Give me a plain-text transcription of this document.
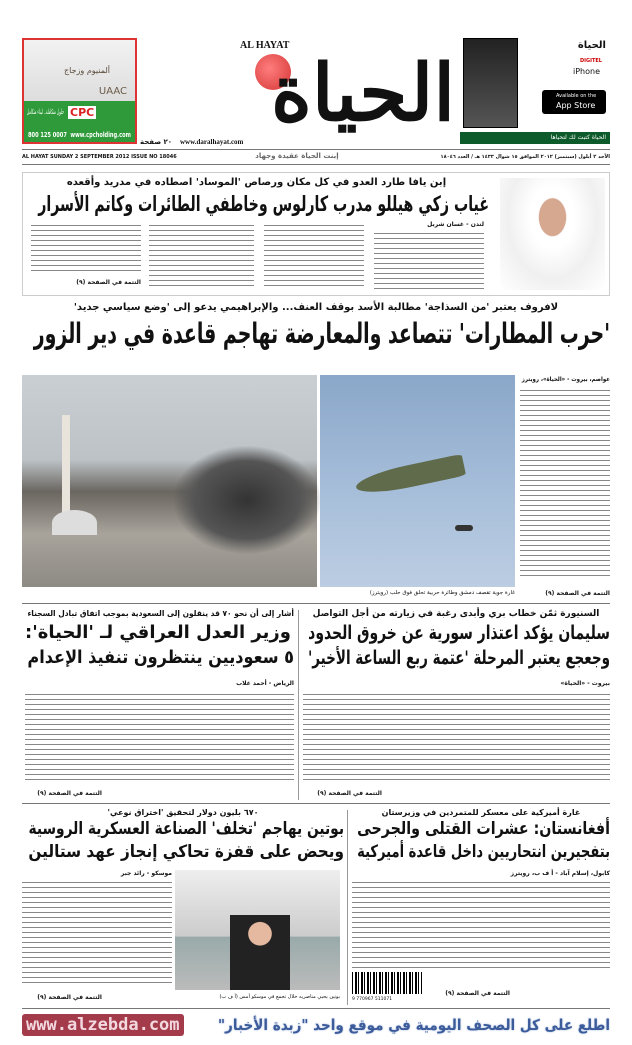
ألمنيوم وزجاج
UAAC
CPC
حلول متكاملة.. لبناء متكامل
800 125 0007 www.cpcholding.com
AL HAYAT
الحياة
www.daralhayat.com
٢٠ صفحة
الحياة
DIGITEL
iPhone
Available on the
App Store
الحياة كتبت لك لتحياها
AL HAYAT SUNDAY 2 SEPTEMBER 2012 ISSUE NO 18046	إبنت الحياة عقيدة وجهاد	الأحد ٢ أيلول (سبتمبر) ٢٠١٢ الموافق ١٥ شوال ١٤٣٣ هـ / العدد ١٨٠٤٦
إبن يافا طارد العدو في كل مكان ورصاص 'الموساد' اصطاده في مدريد وأقعده
غياب زكي هيللو مدرب كارلوس وخاطفي الطائرات وكاتم الأسرار
لندن - غسان شربل
التتمة في الصفحة (٩)
لافروف يعتبر 'من السذاجة' مطالبة الأسد بوقف العنف... والإبراهيمي يدعو إلى 'وضع سياسي جديد'
'حرب المطارات' تتصاعد والمعارضة تهاجم قاعدة في دير الزور
عواصم، بيروت - «الحياة»، رويترز
غارة جوية تقصف دمشق وطائرة حربية تحلق فوق حلب (رويترز)	التتمة في الصفحة (٩)
السنيورة ثمّن خطاب بري وأبدى رغبة في زيارته من أجل التواصل
سليمان يؤكد اعتذار سورية عن خروق الحدود
وجعجع يعتبر المرحلة 'عتمة ربع الساعة الأخير'
بيروت - «الحياة»
التتمة في الصفحة (٩)
أشار إلى أن نحو ٧٠ قد ينقلون إلى السعودية بموجب اتفاق تبادل السجناء
وزير العدل العراقي لـ 'الحياة':
٥ سعوديين ينتظرون تنفيذ الإعدام
الرياض - أحمد غلاب
التتمة في الصفحة (٩)
غارة أميركية على معسكر للمتمردين في وزيرستان
أفغانستان: عشرات القتلى والجرحى
بتفجيرين انتحاريين داخل قاعدة أميركية
كابول، إسلام آباد - أ ف ب، رويترز
9 770967 511071
التتمة في الصفحة (٩)
٦٧٠ بليون دولار لتحقيق 'اختراق نوعي'
بوتين يهاجم 'تخلف' الصناعة العسكرية الروسية
ويحض على قفزة تحاكي إنجاز عهد ستالين
موسكو - رائد جبر
بوتين يحيي مناصريه خلال تجمع في موسكو أمس (أ ف ب)
التتمة في الصفحة (٩)
www.alzebda.com	اطلع على كل الصحف اليومية في موقع واحد "زبدة الأخبار"
